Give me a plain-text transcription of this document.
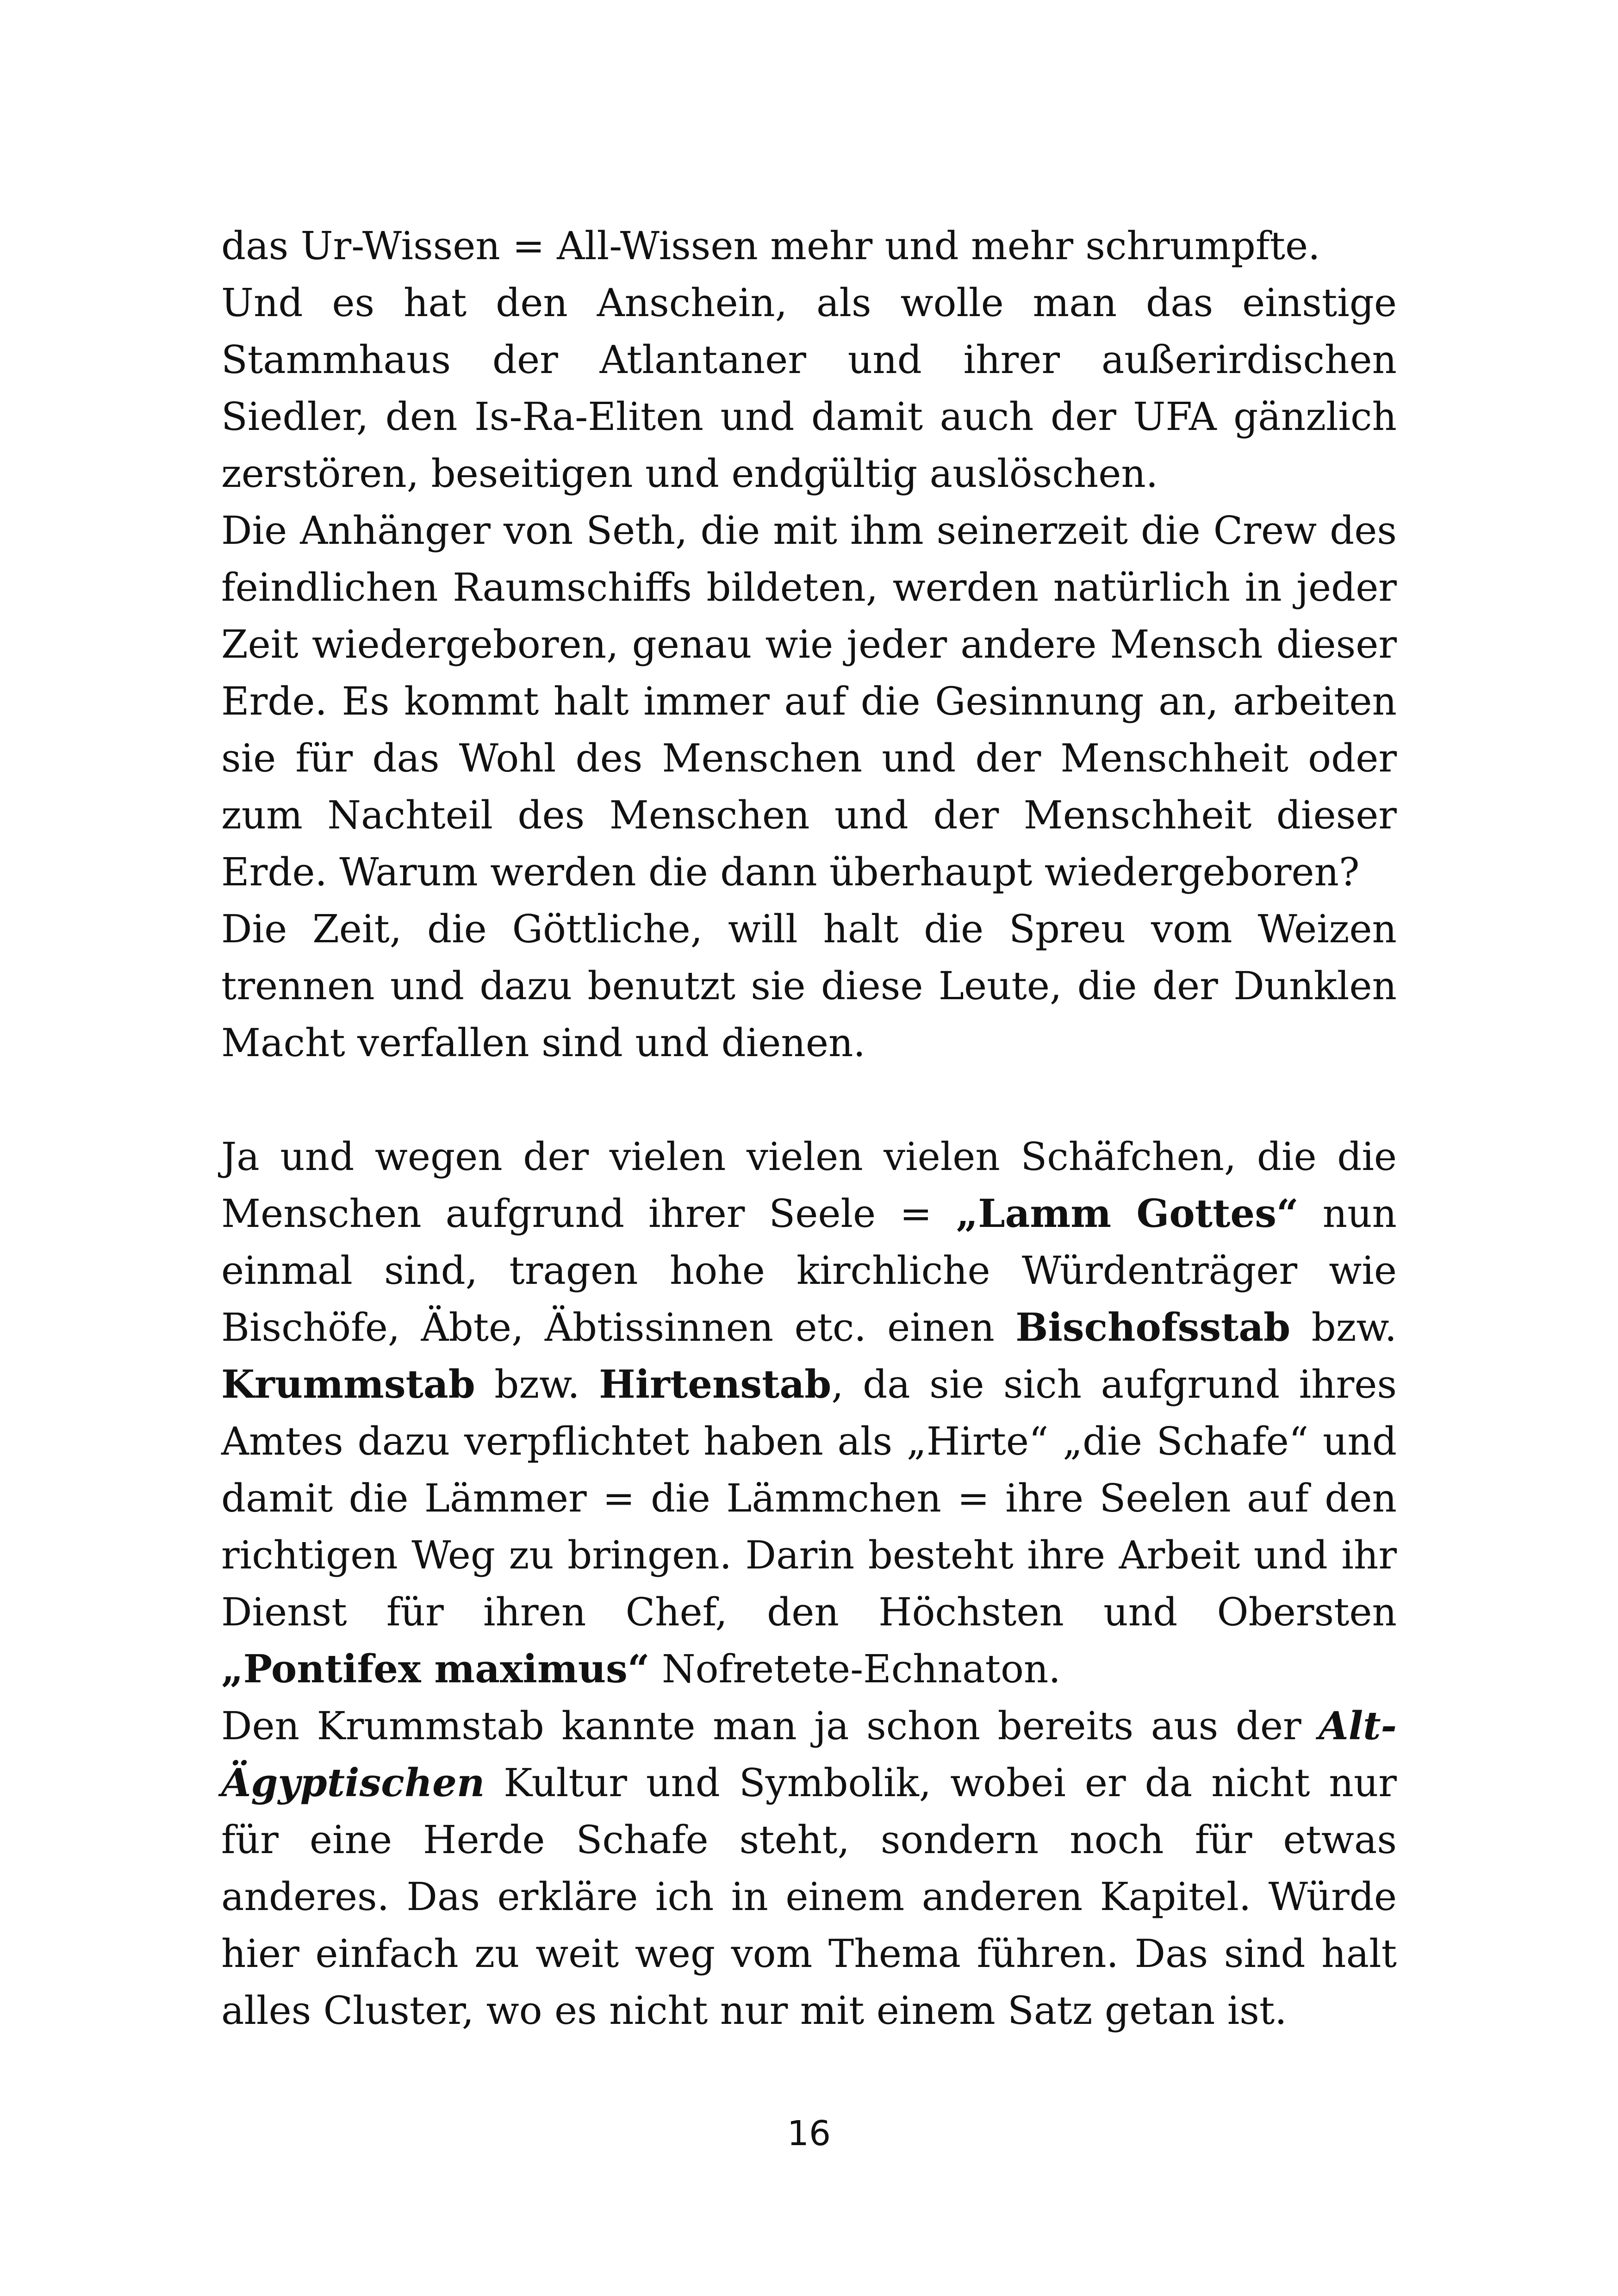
das Ur-Wissen = All-Wissen mehr und mehr schrumpfte.

Und es hat den Anschein, als wolle man das einstige Stammhaus der Atlantaner und ihrer außerirdischen Siedler, den Is-Ra-Eliten und damit auch der UFA gänzlich zerstören, beseitigen und endgültig auslöschen.

Die Anhänger von Seth, die mit ihm seinerzeit die Crew des feindlichen Raumschiffs bildeten, werden natürlich in jeder Zeit wiedergeboren, genau wie jeder andere Mensch dieser Erde. Es kommt halt immer auf die Gesinnung an, arbeiten sie für das Wohl des Menschen und der Menschheit oder zum Nachteil des Menschen und der Menschheit dieser Erde. Warum werden die dann überhaupt wiedergeboren?

Die Zeit, die Göttliche, will halt die Spreu vom Weizen trennen und dazu benutzt sie diese Leute, die der Dunklen Macht verfallen sind und dienen.

Ja und wegen der vielen vielen vielen Schäfchen, die die Menschen aufgrund ihrer Seele = „Lamm Gottes“ nun einmal sind, tragen hohe kirchliche Würdenträger wie Bischöfe, Äbte, Äbtissinnen etc. einen Bischofsstab bzw. Krummstab bzw. Hirtenstab, da sie sich aufgrund ihres Amtes dazu verpflichtet haben als „Hirte“ „die Schafe“ und damit die Lämmer = die Lämmchen = ihre Seelen auf den richtigen Weg zu bringen. Darin besteht ihre Arbeit und ihr Dienst für ihren Chef, den Höchsten und Obersten „Pontifex maximus“ Nofretete-Echnaton.

Den Krummstab kannte man ja schon bereits aus der Alt-Ägyptischen Kultur und Symbolik, wobei er da nicht nur für eine Herde Schafe steht, sondern noch für etwas anderes. Das erkläre ich in einem anderen Kapitel. Würde hier einfach zu weit weg vom Thema führen. Das sind halt alles Cluster, wo es nicht nur mit einem Satz getan ist.

16
